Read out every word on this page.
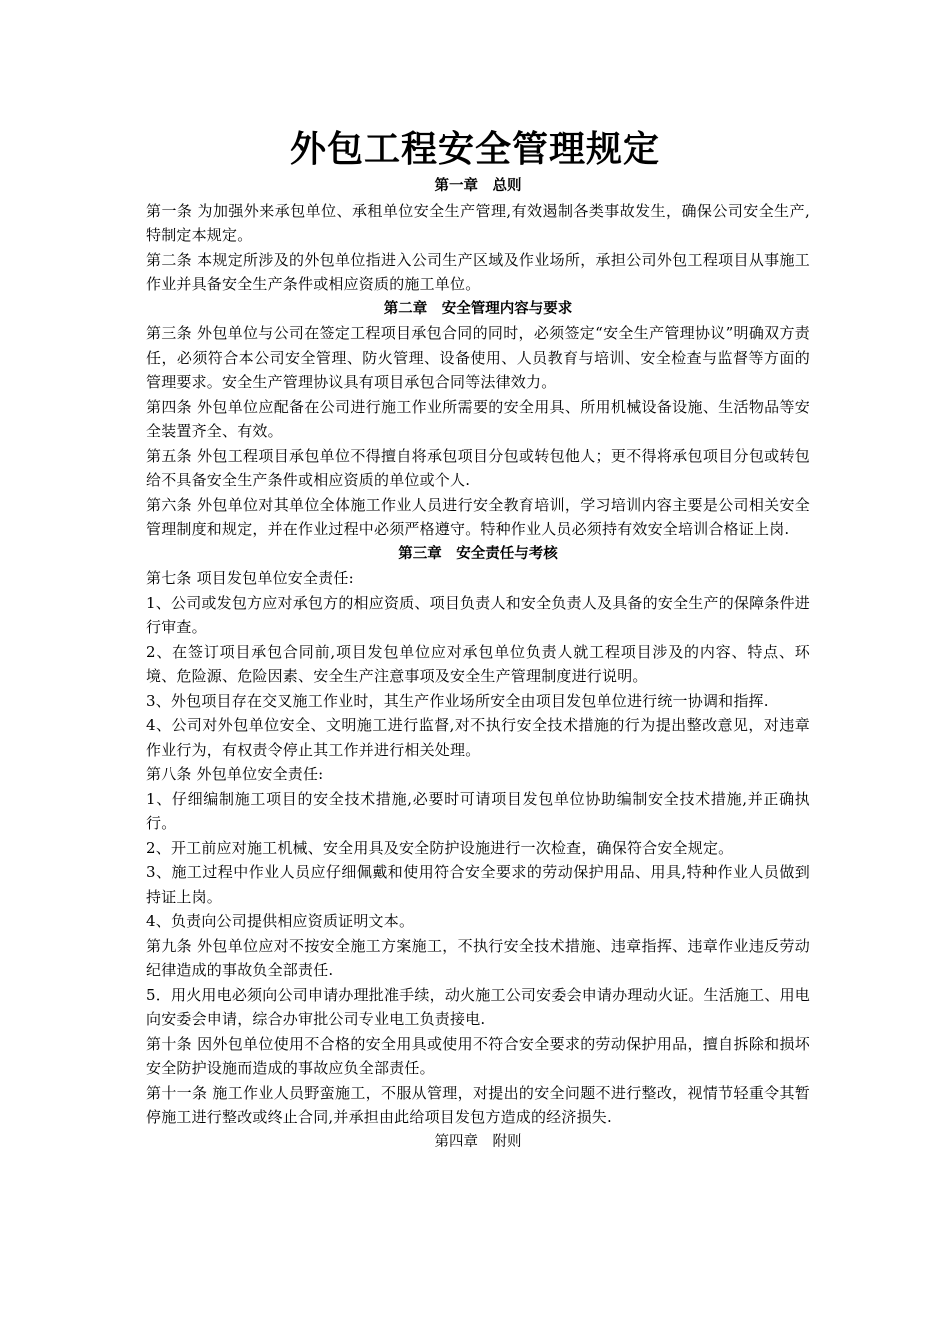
外包工程安全管理规定
第一章　总则

第一条 为加强外来承包单位、承租单位安全生产管理,有效遏制各类事故发生，确保公司安全生产,特制定本规定。

第二条 本规定所涉及的外包单位指进入公司生产区域及作业场所，承担公司外包工程项目从事施工作业并具备安全生产条件或相应资质的施工单位。

第二章　安全管理内容与要求

第三条 外包单位与公司在签定工程项目承包合同的同时，必须签定“安全生产管理协议”明确双方责任，必须符合本公司安全管理、防火管理、设备使用、人员教育与培训、安全检查与监督等方面的管理要求。安全生产管理协议具有项目承包合同等法律效力。

第四条 外包单位应配备在公司进行施工作业所需要的安全用具、所用机械设备设施、生活物品等安全装置齐全、有效。

第五条 外包工程项目承包单位不得擅自将承包项目分包或转包他人；更不得将承包项目分包或转包给不具备安全生产条件或相应资质的单位或个人.

第六条 外包单位对其单位全体施工作业人员进行安全教育培训，学习培训内容主要是公司相关安全管理制度和规定，并在作业过程中必须严格遵守。特种作业人员必须持有效安全培训合格证上岗.

第三章　安全责任与考核

第七条 项目发包单位安全责任:

1、公司或发包方应对承包方的相应资质、项目负责人和安全负责人及具备的安全生产的保障条件进行审查。

2、在签订项目承包合同前,项目发包单位应对承包单位负责人就工程项目涉及的内容、特点、环境、危险源、危险因素、安全生产注意事项及安全生产管理制度进行说明。

3、外包项目存在交叉施工作业时，其生产作业场所安全由项目发包单位进行统一协调和指挥.

4、公司对外包单位安全、文明施工进行监督,对不执行安全技术措施的行为提出整改意见，对违章作业行为，有权责令停止其工作并进行相关处理。

第八条 外包单位安全责任:

1、仔细编制施工项目的安全技术措施,必要时可请项目发包单位协助编制安全技术措施,并正确执行。

2、开工前应对施工机械、安全用具及安全防护设施进行一次检查，确保符合安全规定。

3、施工过程中作业人员应仔细佩戴和使用符合安全要求的劳动保护用品、用具,特种作业人员做到持证上岗。

4、负责向公司提供相应资质证明文本。

第九条 外包单位应对不按安全施工方案施工，不执行安全技术措施、违章指挥、违章作业违反劳动纪律造成的事故负全部责任.

5．用火用电必须向公司申请办理批准手续，动火施工公司安委会申请办理动火证。生活施工、用电向安委会申请，综合办审批公司专业电工负责接电.

第十条 因外包单位使用不合格的安全用具或使用不符合安全要求的劳动保护用品，擅自拆除和损坏安全防护设施而造成的事故应负全部责任。

第十一条 施工作业人员野蛮施工，不服从管理，对提出的安全问题不进行整改，视情节轻重令其暂停施工进行整改或终止合同,并承担由此给项目发包方造成的经济损失.

第四章　附则
